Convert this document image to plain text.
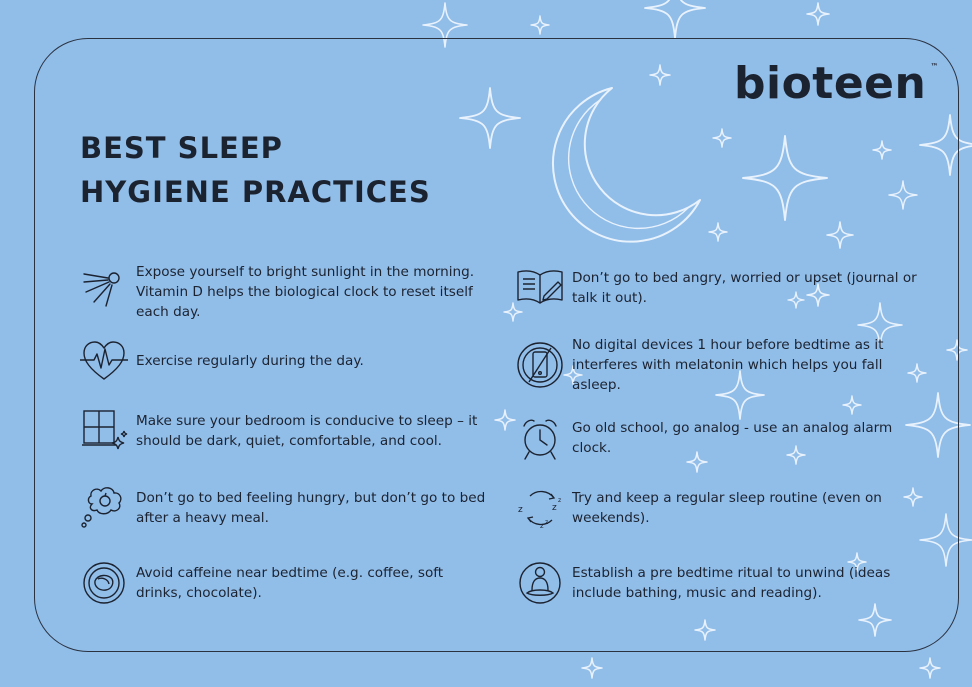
bioteen ™
BEST SLEEP
HYGIENE PRACTICES
Expose yourself to bright sunlight in the morning. Vitamin D helps the biological clock to reset itself each day.
Exercise regularly during the day.
Make sure your bedroom is conducive to sleep – it should be dark, quiet, comfortable, and cool.
Don’t go to bed feeling hungry, but don’t go to bed after a heavy meal.
Avoid caffeine near bedtime (e.g. coffee, soft drinks, chocolate).
Don’t go to bed angry, worried or upset (journal or talk it out).
No digital devices 1 hour before bedtime as it interferes with melatonin which helps you fall asleep.
Go old school, go analog - use an analog alarm clock.
z	z
z
z z
Try and keep a regular sleep routine (even on weekends).
Establish a pre bedtime ritual to unwind (ideas include bathing, music and reading).
